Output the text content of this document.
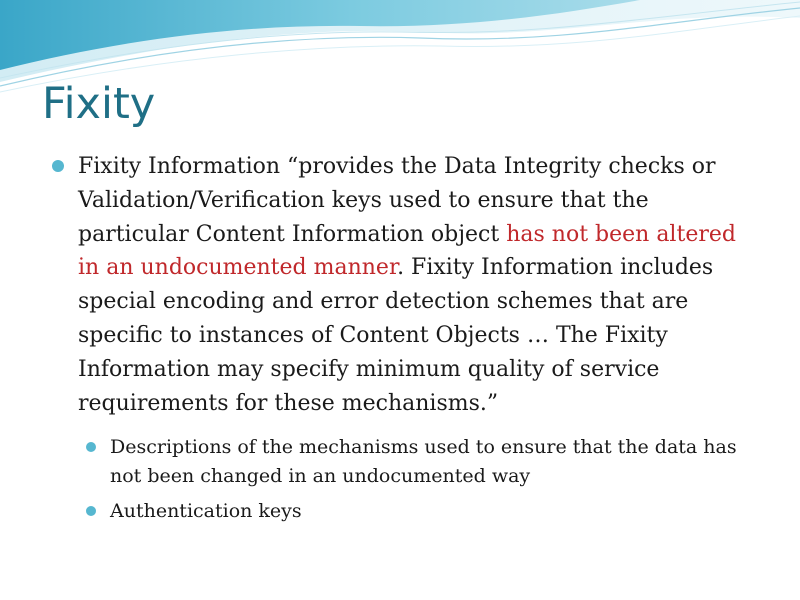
Fixity
Fixity Information “provides the Data Integrity checks or Validation/Verification keys used to ensure that the particular Content Information object has not been altered in an undocumented manner. Fixity Information includes special encoding and error detection schemes that are specific to instances of Content Objects … The Fixity Information may specify minimum quality of service requirements for these mechanisms.”
Descriptions of the mechanisms used to ensure that the data has not been changed in an undocumented way
Authentication keys
